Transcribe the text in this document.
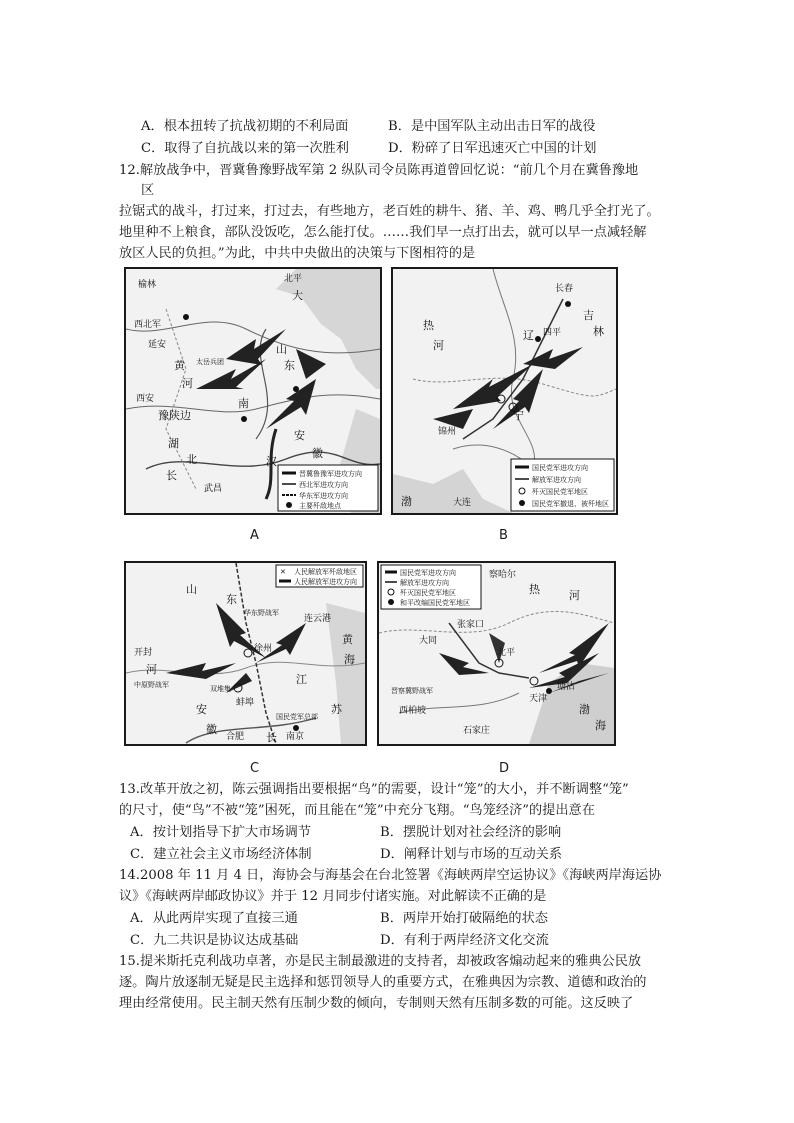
A．根本扭转了抗战初期的不利局面	B．是中国军队主动出击日军的战役
C．取得了自抗战以来的第一次胜利	D．粉碎了日军迅速灭亡中国的计划
12.解放战争中，晋冀鲁豫野战军第 2 纵队司令员陈再道曾回忆说：“前几个月在冀鲁豫地
区
拉锯式的战斗，打过来，打过去，有些地方，老百姓的耕牛、猪、羊、鸡、鸭几乎全打光了。
地里种不上粮食，部队没饭吃，怎么能打仗。……我们早一点打出去，就可以早一点减轻解
放区人民的负担。”为此，中共中央做出的决策与下图相符的是
榆林
北平
西北军
延安
太岳兵团
黄
河
豫陕边
西安
湖
北
武昌
长
大
山
东
南
安
徽
汉
晋冀鲁豫军进攻方向
西北军进攻方向
华东军进攻方向
主要歼敌地点
A
长春
吉
林
四平
热
河
辽
宁
锦州
大连
渤
国民党军进攻方向
解放军进攻方向
歼灭国民党军地区
国民党军撤退、被歼地区
B
山
东
华东野战军
连云港
开封
河
中原野战军
徐州
黄
海
蚌埠
双堆集
安
徽
合肥	南京
江
苏
长
国民党军总部
✕ 人民解放军歼敌地区
人民解放军进攻方向
C
国民党军进攻方向
解放军进攻方向
歼灭国民党军地区
和平改编国民党军地区
察哈尔
热	河
张家口
北平
大同
天津
塘沽
石家庄
渤
海
晋察冀野战军
西柏坡
D
13.改革开放之初，陈云强调指出要根据“鸟”的需要，设计“笼”的大小，并不断调整“笼”
的尺寸，使“鸟”不被“笼”困死，而且能在“笼”中充分飞翔。“鸟笼经济”的提出意在
A．按计划指导下扩大市场调节	B．摆脱计划对社会经济的影响
C．建立社会主义市场经济体制	D．阐释计划与市场的互动关系
14.2008 年 11 月 4 日，海协会与海基会在台北签署《海峡两岸空运协议》《海峡两岸海运协
议》《海峡两岸邮政协议》并于 12 月同步付诸实施。对此解读不正确的是
A．从此两岸实现了直接三通	B．两岸开始打破隔绝的状态
C．九二共识是协议达成基础	D．有利于两岸经济文化交流
15.提米斯托克利战功卓著，亦是民主制最激进的支持者，却被政客煽动起来的雅典公民放
逐。陶片放逐制无疑是民主选择和惩罚领导人的重要方式，在雅典因为宗教、道德和政治的
理由经常使用。民主制天然有压制少数的倾向，专制则天然有压制多数的可能。这反映了
